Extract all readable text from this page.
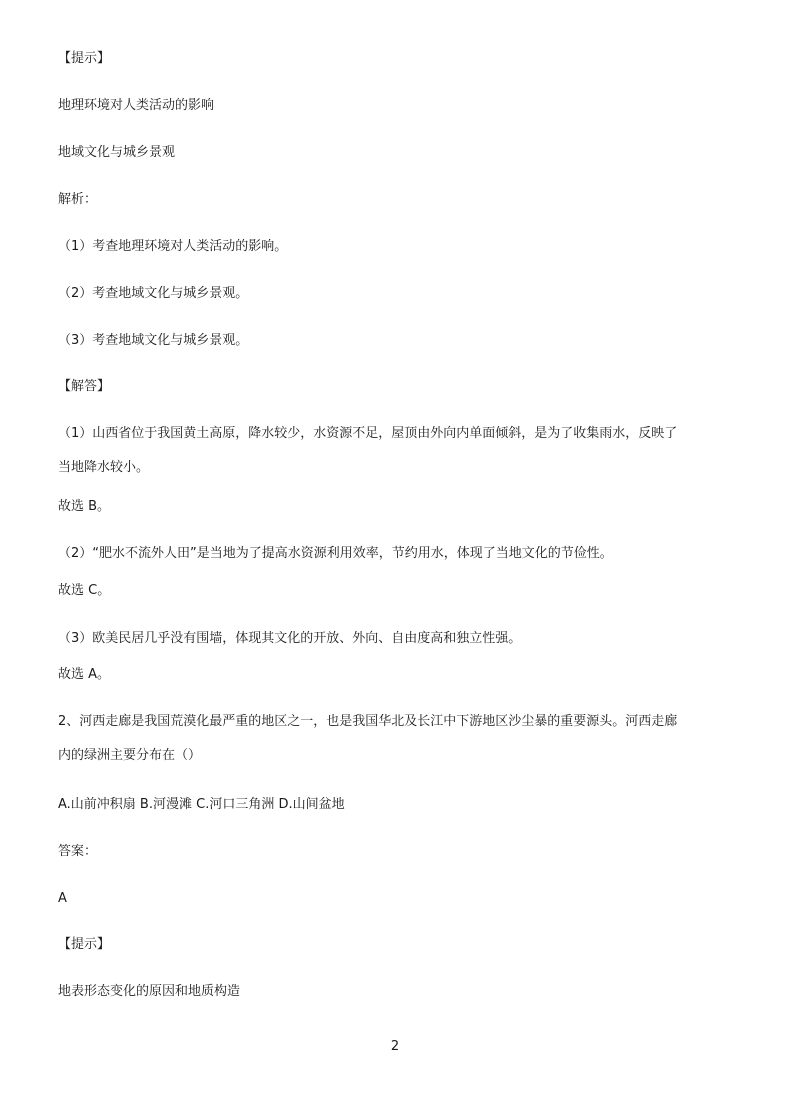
【提示】
地理环境对人类活动的影响
地域文化与城乡景观
解析：
（1）考查地理环境对人类活动的影响。
（2）考查地域文化与城乡景观。
（3）考查地域文化与城乡景观。
【解答】
（1）山西省位于我国黄土高原，降水较少，水资源不足，屋顶由外向内单面倾斜，是为了收集雨水，反映了
当地降水较小。
故选 B。
（2）“肥水不流外人田”是当地为了提高水资源利用效率，节约用水，体现了当地文化的节俭性。
故选 C。
（3）欧美民居几乎没有围墙，体现其文化的开放、外向、自由度高和独立性强。
故选 A。
2、河西走廊是我国荒漠化最严重的地区之一，也是我国华北及长江中下游地区沙尘暴的重要源头。河西走廊
内的绿洲主要分布在（）
A.山前冲积扇 B.河漫滩 C.河口三角洲 D.山间盆地
答案：
A
【提示】
地表形态变化的原因和地质构造
2
